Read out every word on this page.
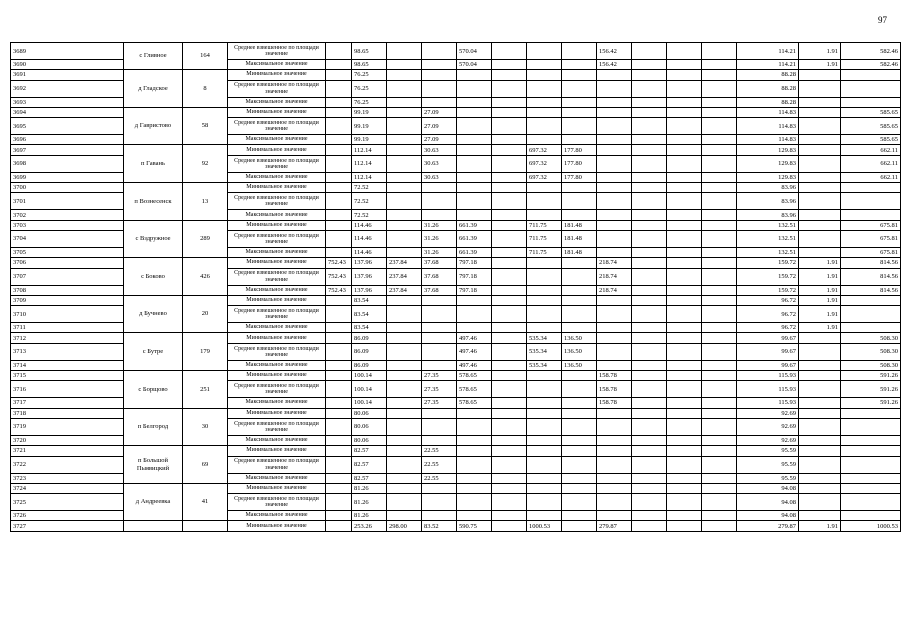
97
3689	с Гливное	164	Среднее взвешенное по площади значение		98.65			570.04				156.42				114.21	1.91	582.46
3690			Максимальное значение		98.65			570.04				156.42				114.21	1.91	582.46
3691	д Гладское	8	Минимальное значение		76.25											88.28		
3692			Среднее взвешенное по площади значение		76.25											88.28		
3693			Максимальное значение		76.25											88.28		
3694	д Гавристово	58	Минимальное значение		99.19		27.09									114.83		585.65
3695			Среднее взвешенное по площади значение		99.19		27.09									114.83		585.65
3696			Максимальное значение		99.19		27.09									114.83		585.65
3697	п Гавань	92	Минимальное значение		112.14		30.63			697.32	177.80					129.83		662.11
3698			Среднее взвешенное по площади значение		112.14		30.63			697.32	177.80					129.83		662.11
3699			Максимальное значение		112.14		30.63			697.32	177.80					129.83		662.11
3700	п Вознесенск	13	Минимальное значение		72.52											83.96		
3701			Среднее взвешенное по площади значение		72.52											83.96		
3702			Максимальное значение		72.52											83.96		
3703	с Вздружное	289	Минимальное значение		114.46		31.26	661.39		711.75	181.48					132.51		675.81
3704			Среднее взвешенное по площади значение		114.46		31.26	661.39		711.75	181.48					132.51		675.81
3705			Максимальное значение		114.46		31.26	661.39		711.75	181.48					132.51		675.81
3706	с Боково	426	Минимальное значение	752.43	137.96	237.84	37.68	797.18				218.74				159.72	1.91	814.56
3707			Среднее взвешенное по площади значение	752.43	137.96	237.84	37.68	797.18				218.74				159.72	1.91	814.56
3708			Максимальное значение	752.43	137.96	237.84	37.68	797.18				218.74				159.72	1.91	814.56
3709	д Бучнево	20	Минимальное значение		83.54											96.72	1.91	
3710			Среднее взвешенное по площади значение		83.54											96.72	1.91	
3711			Максимальное значение		83.54											96.72	1.91	
3712	с Бутре	179	Минимальное значение		86.09			497.46		535.34	136.50					99.67		508.30
3713			Среднее взвешенное по площади значение		86.09			497.46		535.34	136.50					99.67		508.30
3714			Максимальное значение		86.09			497.46		535.34	136.50					99.67		508.30
3715	с Борщово	251	Минимальное значение		100.14		27.35	578.65				158.78				115.93		591.26
3716			Среднее взвешенное по площади значение		100.14		27.35	578.65				158.78				115.93		591.26
3717			Максимальное значение		100.14		27.35	578.65				158.78				115.93		591.26
3718	п Белгород	30	Минимальное значение		80.06											92.69		
3719			Среднее взвешенное по площади значение		80.06											92.69		
3720			Максимальное значение		80.06											92.69		
3721	п Большой Пыявицкий	69	Минимальное значение		82.57		22.55									95.59		
3722			Среднее взвешенное по площади значение		82.57		22.55									95.59		
3723			Максимальное значение		82.57		22.55									95.59		
3724	д Андреевка	41	Минимальное значение		81.26											94.08		
3725			Среднее взвешенное по площади значение		81.26											94.08		
3726			Максимальное значение		81.26											94.08		
3727			Минимальное значение		253.26	298.00	83.52	590.75		1000.53		279.87				279.87	1.91	1000.53
